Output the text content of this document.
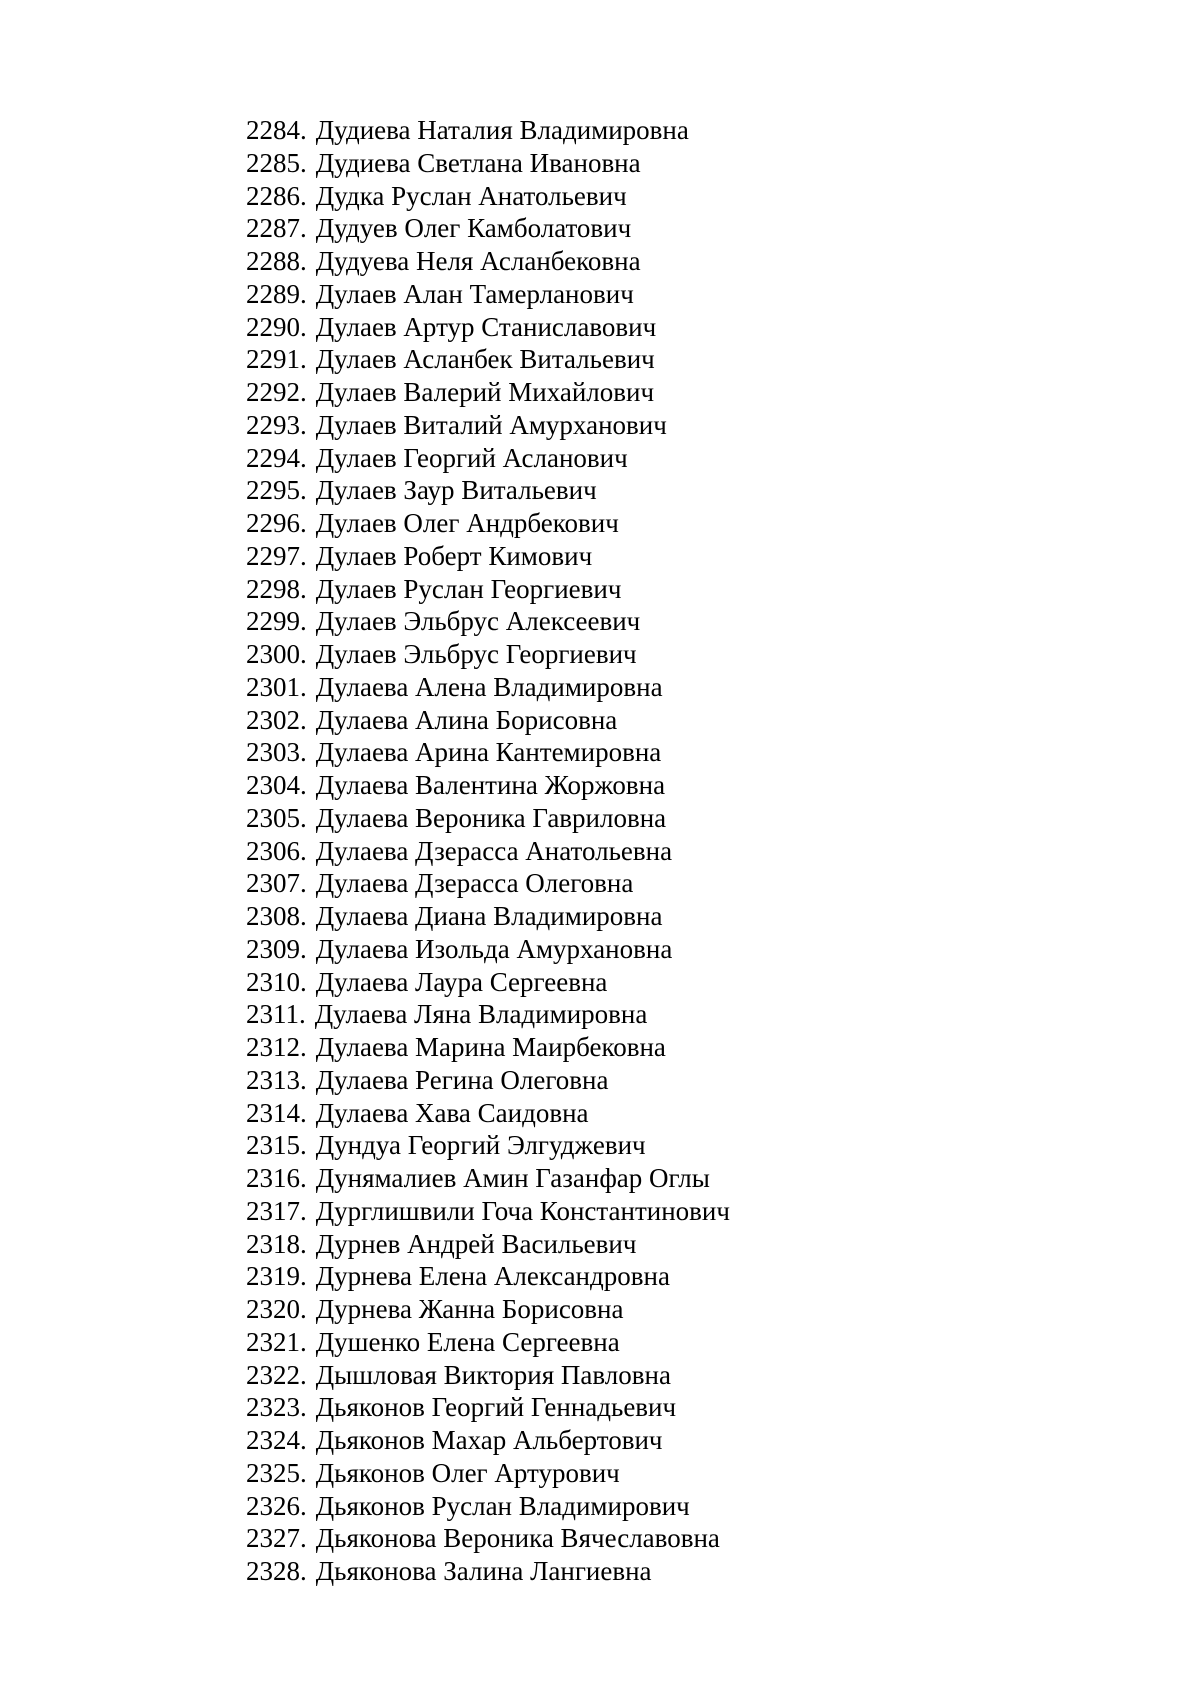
2284. Дудиева Наталия Владимировна
2285. Дудиева Светлана Ивановна
2286. Дудка Руслан Анатольевич
2287. Дудуев Олег Камболатович
2288. Дудуева Неля Асланбековна
2289. Дулаев Алан Тамерланович
2290. Дулаев Артур Станиславович
2291. Дулаев Асланбек Витальевич
2292. Дулаев Валерий Михайлович
2293. Дулаев Виталий Амурханович
2294. Дулаев Георгий Асланович
2295. Дулаев Заур Витальевич
2296. Дулаев Олег Андрбекович
2297. Дулаев Роберт Кимович
2298. Дулаев Руслан Георгиевич
2299. Дулаев Эльбрус Алексеевич
2300. Дулаев Эльбрус Георгиевич
2301. Дулаева Алена Владимировна
2302. Дулаева Алина Борисовна
2303. Дулаева Арина Кантемировна
2304. Дулаева Валентина Жоржовна
2305. Дулаева Вероника Гавриловна
2306. Дулаева Дзерасса Анатольевна
2307. Дулаева Дзерасса Олеговна
2308. Дулаева Диана Владимировна
2309. Дулаева Изольда Амурхановна
2310. Дулаева Лаура Сергеевна
2311. Дулаева Ляна Владимировна
2312. Дулаева Марина Маирбековна
2313. Дулаева Регина Олеговна
2314. Дулаева Хава Саидовна
2315. Дундуа Георгий Элгуджевич
2316. Дунямалиев Амин Газанфар Оглы
2317. Дурглишвили Гоча Константинович
2318. Дурнев Андрей Васильевич
2319. Дурнева Елена Александровна
2320. Дурнева Жанна Борисовна
2321. Душенко Елена Сергеевна
2322. Дышловая Виктория Павловна
2323. Дьяконов Георгий Геннадьевич
2324. Дьяконов Махар Альбертович
2325. Дьяконов Олег Артурович
2326. Дьяконов Руслан Владимирович
2327. Дьяконова Вероника Вячеславовна
2328. Дьяконова Залина Лангиевна
